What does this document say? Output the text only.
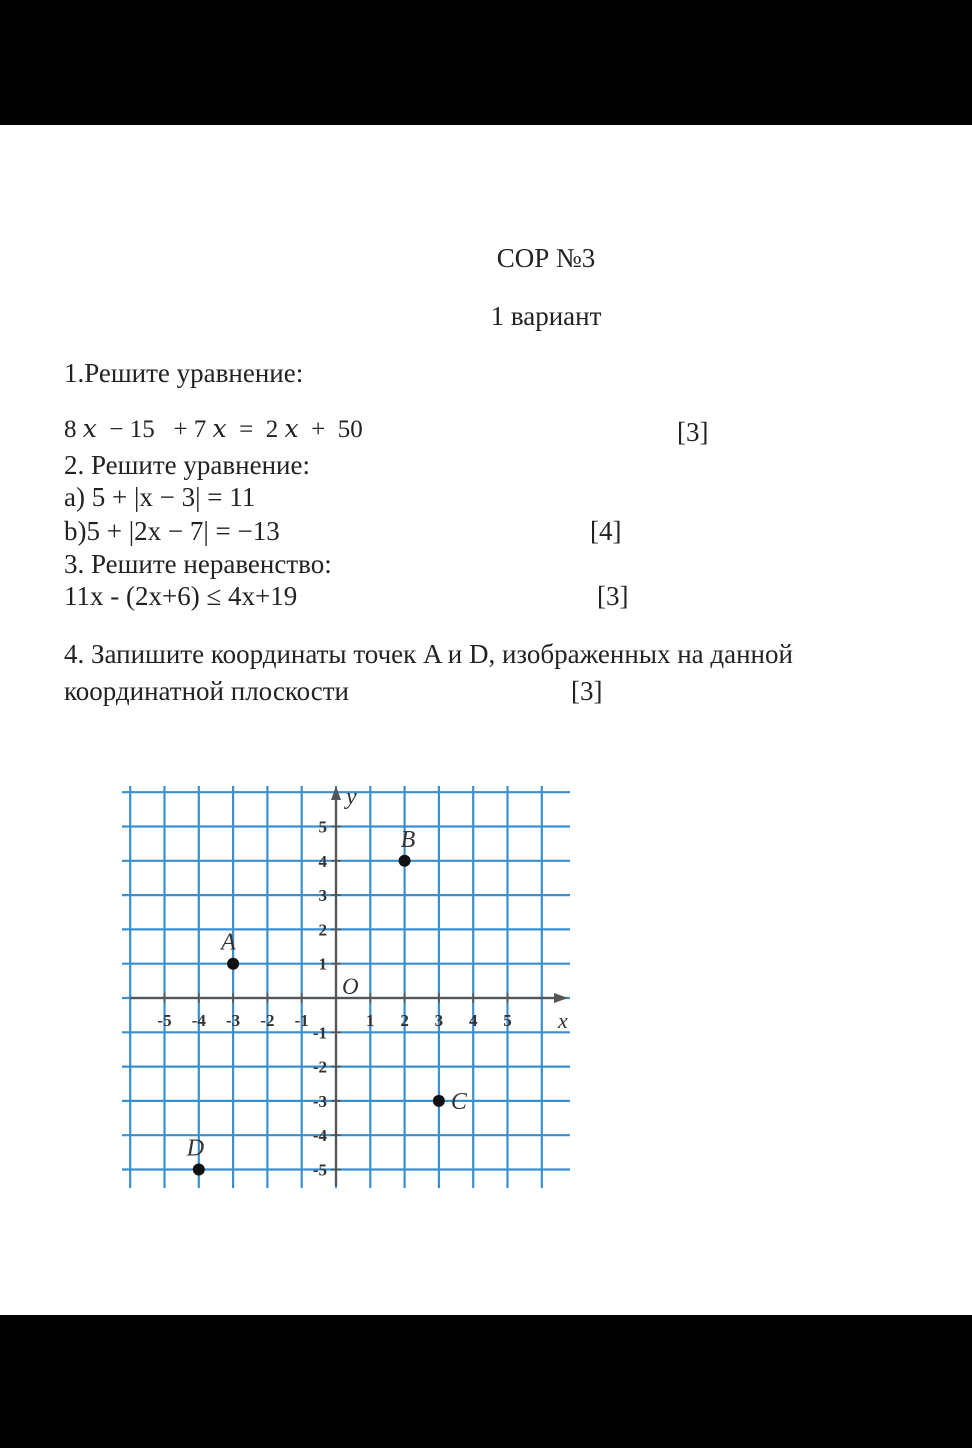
СОР №3
1 вариант
1.Решите уравнение:
8 𝑥  − 15   + 7 𝑥  =  2 𝑥  +  50	[3]
2. Решите уравнение:
а) 5 + |x − 3| = 11
b)5 + |2x − 7| = −13	[4]
3. Решите неравенство:
11x - (2x+6) ≤ 4x+19	[3]
4. Запишите координаты точек A и D, изображенных на данной
координатной плоскости	[3]
-5 -4 -3 -2 -1	1 2 3 4 5
5
4
3
2
1
-1
-2
-3
-4
-5
x
y
O
A
B
C
D
